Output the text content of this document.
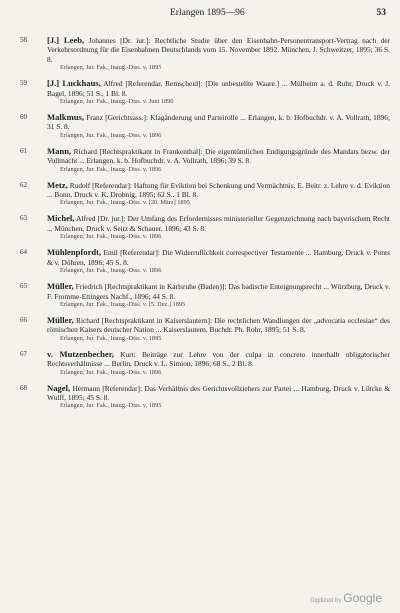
Erlangen 1895—96	53
58	[J.] Leeb, Johannes [Dr. iur.]: Rechtliche Studie über den Eisenbahn-Personentransport-Vertrag nach der Verkehrsordnung für die Eisenbahnen Deutschlands vom 15. November 1892. München, J. Schweitzer, 1895; 36 S. 8.
Erlangen, Jur. Fak., Inaug.-Diss. v. 1895
59	[J.] Luckhaus, Alfred [Referendar, Remscheid]: [Die unbestellte Waare.] ... Mülheim a. d. Ruhr, Druck v. J. Bagel, 1896; 51 S., 1 Bl. 8.
Erlangen, Jur. Fak., Inaug.-Diss. v. Juni 1896
60	Malkmus, Franz [Gerichtsass.]: Klagänderung und Parteirolle ... Erlangen, k. b. Hofbuchdr. v. A. Vollrath, 1896; 31 S. 8.
Erlangen, Jur. Fak., Inaug.-Diss. v. 1896
61	Mann, Richard [Rechtspraktikant in Frankenthal]: Die eigentümlichen Endigungsgründe des Mandats bezw. der Vollmacht ... Erlangen, k. b. Hofbuchdr. v. A. Vollrath, 1896; 39 S. 8.
Erlangen, Jur. Fak., Inaug.-Diss. v. 1896
62	Metz, Rudolf [Referendar]: Haftung für Eviktion bei Schenkung und Vermächtnis. E. Beitr. z. Lehre v. d. Eviktion ... Bonn, Druck v. K. Drobnig, 1895; 62 S., 1 Bl. 8.
Erlangen, Jur. Fak., Inaug.-Diss. v. [20. März] 1895
63	Michel, Alfred [Dr. jur.]: Der Umfang des Erfordernisses ministerieller Gegenzeichnung nach bayerischem Recht ... München, Druck v. Seitz & Schauer, 1896; 43 S. 8.
Erlangen, Jur. Fak., Inaug.-Diss. v. 1896
64	Mühlenpfordt, Emil [Referendar]: Die Widerruflichkeit correspectiver Testamente ... Hamburg, Druck v. Ponts & v. Döhren, 1896; 45 S. 8.
Erlangen, Jur. Fak., Inaug.-Diss. v. 1896
65	Müller, Friedrich [Rechtspraktikant in Karlsruhe (Baden)]: Das badische Enteignungsrecht ... Würzburg, Druck v. F. Fromme-Ettingers Nachf., 1896; 44 S. 8.
Erlangen, Jur. Fak., Inaug.-Diss. v. [5. Dez.] 1895
66	Müller, Richard [Rechtspraktikant in Kaiserslautern]: Die rechtlichen Wandlungen der „advocatia ecclesiae“ des römischen Kaisers deutscher Nation ... Kaiserslautern, Buchdr. Ph. Rohr, 1895; 51 S. 8.
Erlangen, Jur. Fak., Inaug.-Diss. v. 1895
67	v. Mutzenbecher, Kurt: Beiträge zur Lehre von der culpa in concreto innerhalb obligatorischer Rechtsverhältnisse ... Berlin, Druck v. L. Simion, 1896; 68 S., 2 Bl. 8.
Erlangen, Jur. Fak., Inaug.-Diss. v. 1896
68	Nagel, Hermann [Referendar]: Das Verhältnis des Gerichtsvollziehers zur Partei ... Hamburg, Druck v. Lütcke & Wulff, 1895; 45 S. 8.
Erlangen, Jur. Fak., Inaug.-Diss. v. 1895
Digitized by Google
